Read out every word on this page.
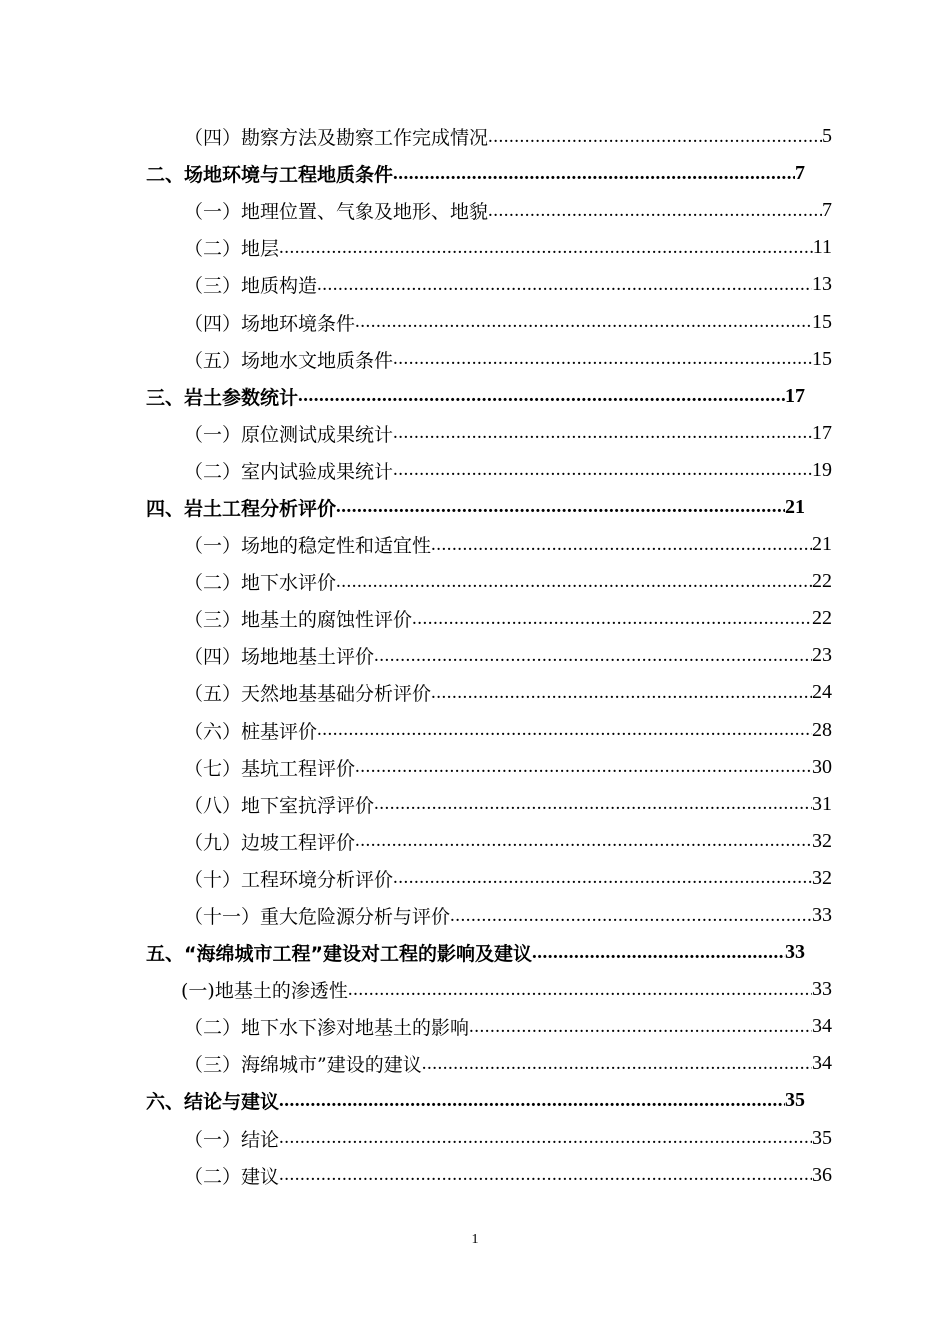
（四）勘察方法及勘察工作完成情况 .....	5
二、场地环境与工程地质条件 .....	7
（一）地理位置、气象及地形、地貌 .....	7
（二）地层 .....	11
（三）地质构造 .....	13
（四）场地环境条件 .....	15
（五）场地水文地质条件 .....	15
三、岩土参数统计 .....	17
（一）原位测试成果统计 .....	17
（二）室内试验成果统计 .....	19
四、岩土工程分析评价 .....	21
（一）场地的稳定性和适宜性 .....	21
（二）地下水评价 .....	22
（三）地基土的腐蚀性评价 .....	22
（四）场地地基土评价 .....	23
（五）天然地基基础分析评价 .....	24
（六）桩基评价 .....	28
（七）基坑工程评价 .....	30
（八）地下室抗浮评价 .....	31
（九）边坡工程评价 .....	32
（十）工程环境分析评价 .....	32
（十一）重大危险源分析与评价 .....	33
五、“海绵城市工程”建设对工程的影响及建议 .....	33
(一)地基土的渗透性 .....	33
（二）地下水下渗对地基土的影响 .....	34
（三）海绵城市”建设的建议 .....	34
六、结论与建议 .....	35
（一）结论 .....	35
（二）建议 .....	36
1
